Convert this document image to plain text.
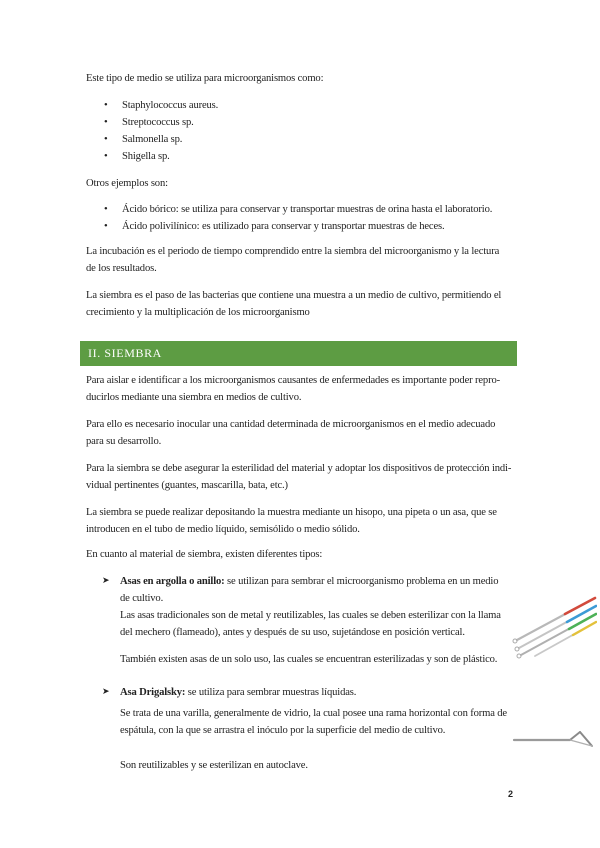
Este tipo de medio se utiliza para microorganismos como:

• Staphylococcus aureus.
• Streptococcus sp.
• Salmonella sp.
• Shigella sp.

Otros ejemplos son:

• Ácido bórico: se utiliza para conservar y transportar muestras de orina hasta el laboratorio.
• Ácido polivilínico: es utilizado para conservar y transportar muestras de heces.

La incubación es el periodo de tiempo comprendido entre la siembra del microorganismo y la lectura
de los resultados.

La siembra es el paso de las bacterias que contiene una muestra a un medio de cultivo, permitiendo el
crecimiento y la multiplicación de los microorganismo

II. SIEMBRA

Para aislar e identificar a los microorganismos causantes de enfermedades es importante poder repro-
ducirlos mediante una siembra en medios de cultivo.

Para ello es necesario inocular una cantidad determinada de microorganismos en el medio adecuado
para su desarrollo.

Para la siembra se debe asegurar la esterilidad del material y adoptar los dispositivos de protección indi-
vidual pertinentes (guantes, mascarilla, bata, etc.)

La siembra se puede realizar depositando la muestra mediante un hisopo, una pipeta o un asa, que se
introducen en el tubo de medio líquido, semisólido o medio sólido.

En cuanto al material de siembra, existen diferentes tipos:

➤ Asas en argolla o anillo: se utilizan para sembrar el microorganismo problema en un medio
de cultivo.

Las asas tradicionales son de metal y reutilizables, las cuales se deben esterilizar con la llama
del mechero (flameado), antes y después de su uso, sujetándose en posición vertical.

También existen asas de un solo uso, las cuales se encuentran esterilizadas y son de plástico.

➤ Asa Drigalsky: se utiliza para sembrar muestras líquidas.

Se trata de una varilla, generalmente de vidrio, la cual posee una rama horizontal con forma de
espátula, con la que se arrastra el inóculo por la superficie del medio de cultivo.

Son reutilizables y se esterilizan en autoclave.

2
